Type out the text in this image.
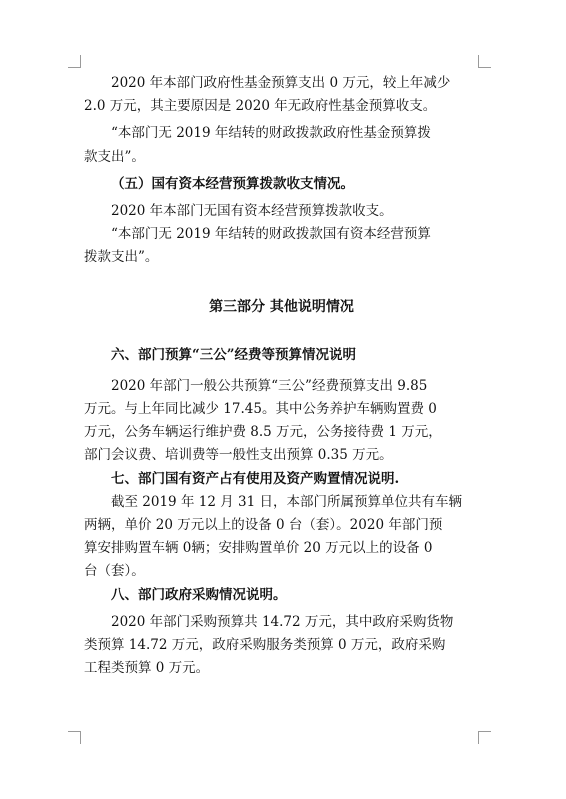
2020 年本部门政府性基金预算支出 0 万元，较上年减少

2.0 万元，其主要原因是 2020 年无政府性基金预算收支。

“本部门无 2019 年结转的财政拨款政府性基金预算拨

款支出”。

（五）国有资本经营预算拨款收支情况。

2020 年本部门无国有资本经营预算拨款收支。

“本部门无 2019 年结转的财政拨款国有资本经营预算

拨款支出”。

第三部分 其他说明情况

六、部门预算“三公”经费等预算情况说明

2020 年部门一般公共预算“三公”经费预算支出 9.85

万元。与上年同比减少 17.45。其中公务养护车辆购置费 0

万元，公务车辆运行维护费 8.5 万元，公务接待费 1 万元，

部门会议费、培训费等一般性支出预算 0.35 万元。

七、部门国有资产占有使用及资产购置情况说明.

截至 2019 年 12 月 31 日，本部门所属预算单位共有车辆

两辆，单价 20 万元以上的设备 0 台（套）。2020 年部门预

算安排购置车辆 0辆；安排购置单价 20 万元以上的设备 0

台（套）。

八、部门政府采购情况说明。

2020 年部门采购预算共 14.72 万元，其中政府采购货物

类预算 14.72 万元，政府采购服务类预算 0 万元，政府采购

工程类预算 0 万元。
